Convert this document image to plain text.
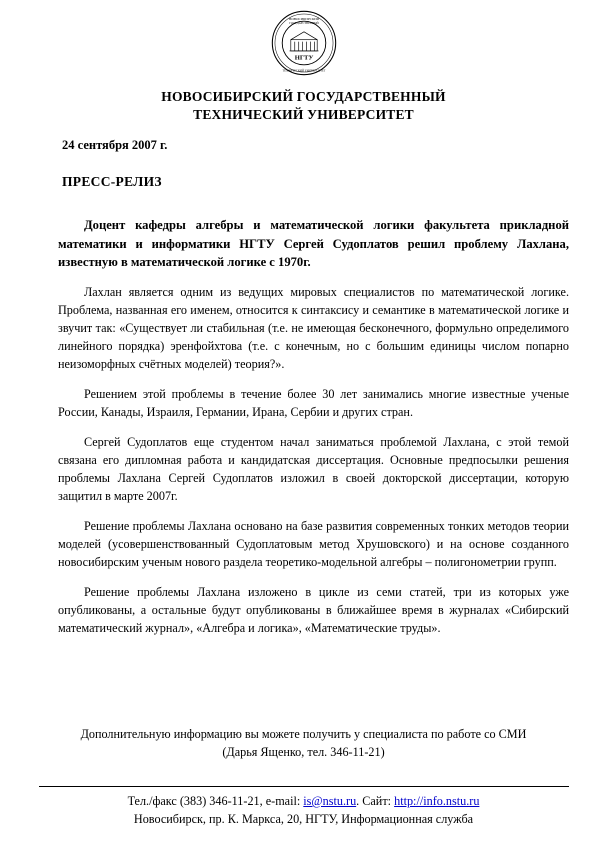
НОВОСИБИРСКИЙ
ГОСУДАРСТВЕННЫЙ
ТЕХНИЧЕСКИЙ УНИВЕРСИТЕТ
НГТУ
НОВОСИБИРСКИЙ ГОСУДАРСТВЕННЫЙ
ТЕХНИЧЕСКИЙ УНИВЕРСИТЕТ
24 сентября 2007 г.
ПРЕСС-РЕЛИЗ

Доцент кафедры алгебры и математической логики факультета прикладной математики и информатики НГТУ Сергей Судоплатов решил проблему Лахлана, известную в математической логике с 1970г.

Лахлан является одним из ведущих мировых специалистов по математической логике. Проблема, названная его именем, относится к синтаксису и семантике в математической логике и звучит так: «Существует ли стабильная (т.е. не имеющая бесконечного, формульно определимого линейного порядка) эренфойхтова (т.е. с конечным, но с большим единицы числом попарно неизоморфных счётных моделей) теория?».

Решением этой проблемы в течение более 30 лет занимались многие известные ученые России, Канады, Израиля, Германии, Ирана, Сербии и других стран.

Сергей Судоплатов еще студентом начал заниматься проблемой Лахлана, с этой темой связана его дипломная работа и кандидатская диссертация. Основные предпосылки решения проблемы Лахлана Сергей Судоплатов изложил в своей докторской диссертации, которую защитил в марте 2007г.

Решение проблемы Лахлана основано на базе развития современных тонких методов теории моделей (усовершенствованный Судоплатовым метод Хрушовского) и на основе созданного новосибирским ученым нового раздела теоретико-модельной алгебры – полигонометрии групп.

Решение проблемы Лахлана изложено в цикле из семи статей, три из которых уже опубликованы, а остальные будут опубликованы в ближайшее время в журналах «Сибирский математический журнал», «Алгебра и логика», «Математические труды».

Дополнительную информацию вы можете получить у специалиста по работе со СМИ
(Дарья Ященко, тел. 346-11-21)
Тел./факс (383) 346-11-21, e-mail: is@nstu.ru. Сайт: http://info.nstu.ru
Новосибирск, пр. К. Маркса, 20, НГТУ, Информационная служба
